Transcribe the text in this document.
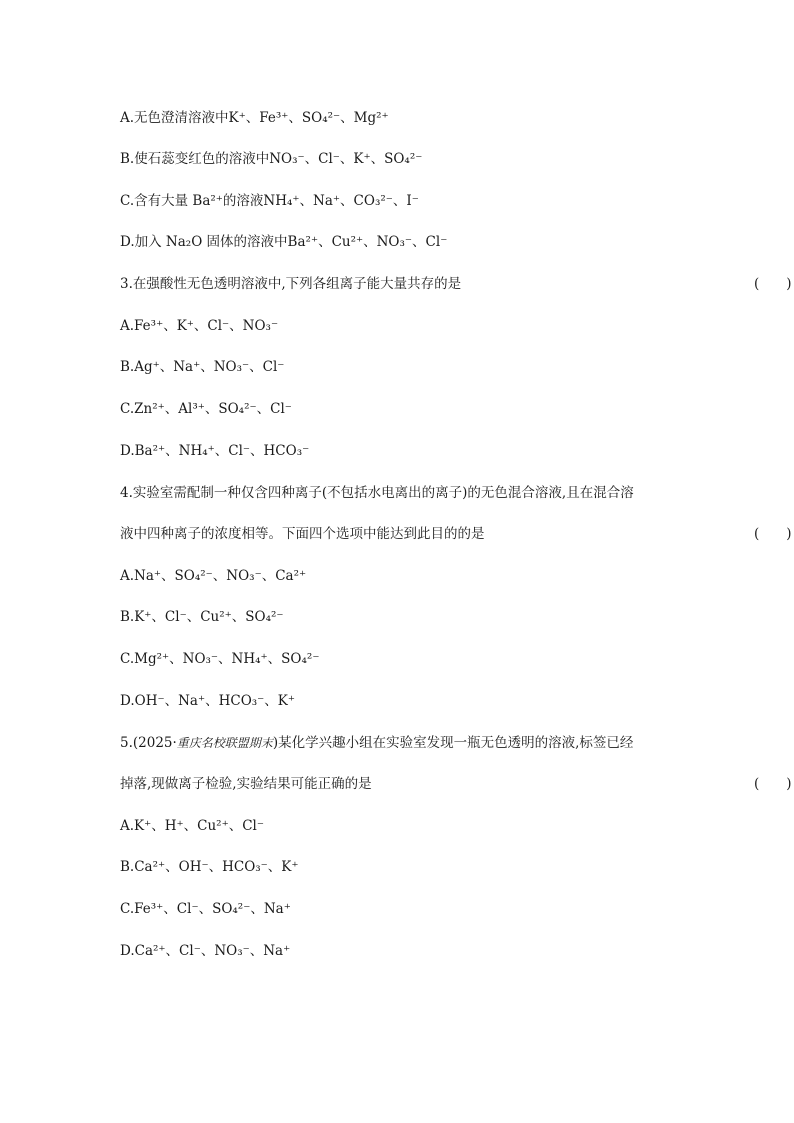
A.无色澄清溶液中K⁺、Fe³⁺、SO₄²⁻、Mg²⁺
B.使石蕊变红色的溶液中NO₃⁻、Cl⁻、K⁺、SO₄²⁻
C.含有大量 Ba²⁺的溶液NH₄⁺、Na⁺、CO₃²⁻、I⁻
D.加入 Na₂O 固体的溶液中Ba²⁺、Cu²⁺、NO₃⁻、Cl⁻
3.在强酸性无色透明溶液中,下列各组离子能大量共存的是	(　　)
A.Fe³⁺、K⁺、Cl⁻、NO₃⁻
B.Ag⁺、Na⁺、NO₃⁻、Cl⁻
C.Zn²⁺、Al³⁺、SO₄²⁻、Cl⁻
D.Ba²⁺、NH₄⁺、Cl⁻、HCO₃⁻
4.实验室需配制一种仅含四种离子(不包括水电离出的离子)的无色混合溶液,且在混合溶
液中四种离子的浓度相等。下面四个选项中能达到此目的的是	(　　)
A.Na⁺、SO₄²⁻、NO₃⁻、Ca²⁺
B.K⁺、Cl⁻、Cu²⁺、SO₄²⁻
C.Mg²⁺、NO₃⁻、NH₄⁺、SO₄²⁻
D.OH⁻、Na⁺、HCO₃⁻、K⁺
5.(2025·重庆名校联盟期末)某化学兴趣小组在实验室发现一瓶无色透明的溶液,标签已经
掉落,现做离子检验,实验结果可能正确的是	(　　)
A.K⁺、H⁺、Cu²⁺、Cl⁻
B.Ca²⁺、OH⁻、HCO₃⁻、K⁺
C.Fe³⁺、Cl⁻、SO₄²⁻、Na⁺
D.Ca²⁺、Cl⁻、NO₃⁻、Na⁺
